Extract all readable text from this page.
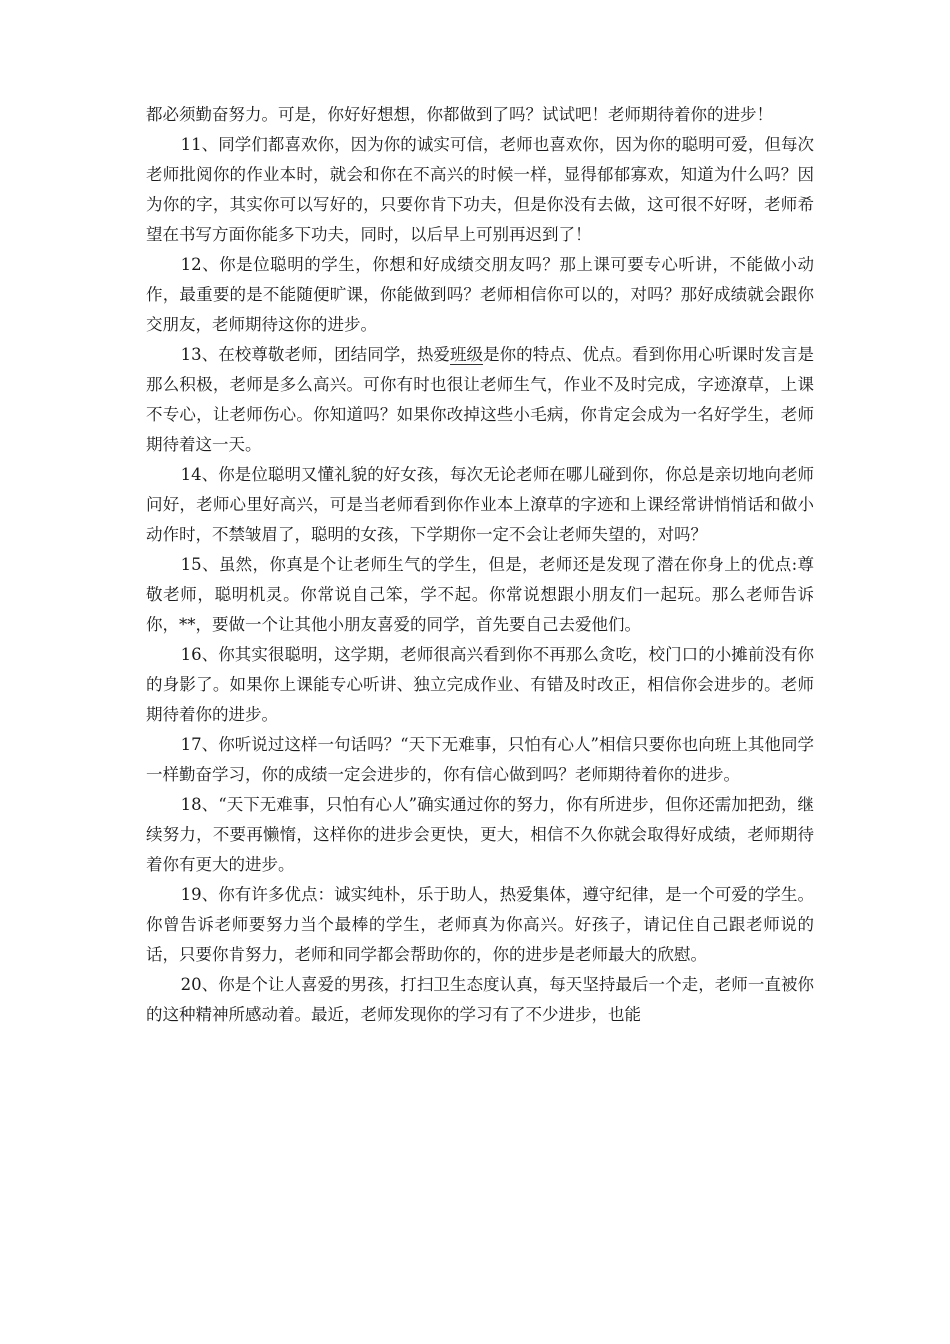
都必须勤奋努力。可是，你好好想想，你都做到了吗？试试吧！老师期待着你的进步！

11、同学们都喜欢你，因为你的诚实可信，老师也喜欢你，因为你的聪明可爱，但每次老师批阅你的作业本时，就会和你在不高兴的时候一样，显得郁郁寡欢，知道为什么吗？因为你的字，其实你可以写好的，只要你肯下功夫，但是你没有去做，这可很不好呀，老师希望在书写方面你能多下功夫，同时，以后早上可别再迟到了！

12、你是位聪明的学生，你想和好成绩交朋友吗？那上课可要专心听讲，不能做小动作，最重要的是不能随便旷课，你能做到吗？老师相信你可以的，对吗？那好成绩就会跟你交朋友，老师期待这你的进步。

13、在校尊敬老师，团结同学，热爱班级是你的特点、优点。看到你用心听课时发言是那么积极，老师是多么高兴。可你有时也很让老师生气，作业不及时完成，字迹潦草，上课不专心，让老师伤心。你知道吗？如果你改掉这些小毛病，你肯定会成为一名好学生，老师期待着这一天。

14、你是位聪明又懂礼貌的好女孩，每次无论老师在哪儿碰到你，你总是亲切地向老师问好，老师心里好高兴，可是当老师看到你作业本上潦草的字迹和上课经常讲悄悄话和做小动作时，不禁皱眉了，聪明的女孩，下学期你一定不会让老师失望的，对吗？

15、虽然，你真是个让老师生气的学生，但是，老师还是发现了潜在你身上的优点:尊敬老师，聪明机灵。你常说自己笨，学不起。你常说想跟小朋友们一起玩。那么老师告诉你，**，要做一个让其他小朋友喜爱的同学，首先要自己去爱他们。

16、你其实很聪明，这学期，老师很高兴看到你不再那么贪吃，校门口的小摊前没有你的身影了。如果你上课能专心听讲、独立完成作业、有错及时改正，相信你会进步的。老师期待着你的进步。

17、你听说过这样一句话吗？“天下无难事，只怕有心人”相信只要你也向班上其他同学一样勤奋学习，你的成绩一定会进步的，你有信心做到吗？老师期待着你的进步。

18、“天下无难事，只怕有心人”确实通过你的努力，你有所进步，但你还需加把劲，继续努力，不要再懒惰，这样你的进步会更快，更大，相信不久你就会取得好成绩，老师期待着你有更大的进步。

19、你有许多优点：诚实纯朴，乐于助人，热爱集体，遵守纪律，是一个可爱的学生。你曾告诉老师要努力当个最棒的学生，老师真为你高兴。好孩子，请记住自己跟老师说的话，只要你肯努力，老师和同学都会帮助你的，你的进步是老师最大的欣慰。

20、你是个让人喜爱的男孩，打扫卫生态度认真，每天坚持最后一个走，老师一直被你的这种精神所感动着。最近，老师发现你的学习有了不少进步，也能
